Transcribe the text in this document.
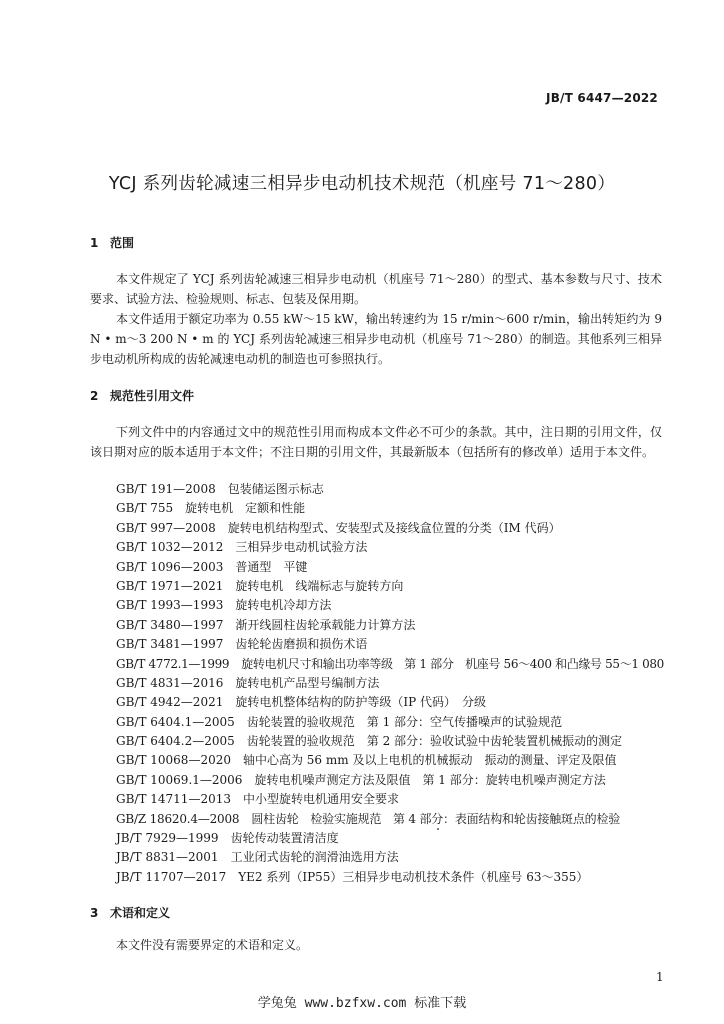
JB/T 6447—2022
YCJ 系列齿轮减速三相异步电动机技术规范（机座号 71～280）
1 范围
本文件规定了 YCJ 系列齿轮减速三相异步电动机（机座号 71～280）的型式、基本参数与尺寸、技术要求、试验方法、检验规则、标志、包装及保用期。
本文件适用于额定功率为 0.55 kW～15 kW，输出转速约为 15 r/min～600 r/min，输出转矩约为 9 N • m～3 200 N • m 的 YCJ 系列齿轮减速三相异步电动机（机座号 71～280）的制造。其他系列三相异步电动机所构成的齿轮减速电动机的制造也可参照执行。
2 规范性引用文件
下列文件中的内容通过文中的规范性引用而构成本文件必不可少的条款。其中，注日期的引用文件，仅该日期对应的版本适用于本文件；不注日期的引用文件，其最新版本（包括所有的修改单）适用于本文件。
GB/T 191—2008 包装储运图示标志
GB/T 755 旋转电机　定额和性能
GB/T 997—2008 旋转电机结构型式、安装型式及接线盒位置的分类（IM 代码）
GB/T 1032—2012 三相异步电动机试验方法
GB/T 1096—2003 普通型　平键
GB/T 1971—2021 旋转电机　线端标志与旋转方向
GB/T 1993—1993 旋转电机冷却方法
GB/T 3480—1997 渐开线圆柱齿轮承载能力计算方法
GB/T 3481—1997 齿轮轮齿磨损和损伤术语
GB/T 4772.1—1999 旋转电机尺寸和输出功率等级　第 1 部分　机座号 56～400 和凸缘号 55～1 080
GB/T 4831—2016 旋转电机产品型号编制方法
GB/T 4942—2021 旋转电机整体结构的防护等级（IP 代码）　分级
GB/T 6404.1—2005 齿轮装置的验收规范　第 1 部分：空气传播噪声的试验规范
GB/T 6404.2—2005 齿轮装置的验收规范　第 2 部分：验收试验中齿轮装置机械振动的测定
GB/T 10068—2020 轴中心高为 56 mm 及以上电机的机械振动　振动的测量、评定及限值
GB/T 10069.1—2006 旋转电机噪声测定方法及限值　第 1 部分：旋转电机噪声测定方法
GB/T 14711—2013 中小型旋转电机通用安全要求
GB/Z 18620.4—2008 圆柱齿轮　检验实施规范　第 4 部分：表面结构和轮齿接触斑点的检验
JB/T 7929—1999 齿轮传动装置清洁度
JB/T 8831—2001 工业闭式齿轮的润滑油选用方法
JB/T 11707—2017 YE2 系列（IP55）三相异步电动机技术条件（机座号 63～355）
3 术语和定义
本文件没有需要界定的术语和定义。
1
学兔兔 www.bzfxw.com 标准下载
